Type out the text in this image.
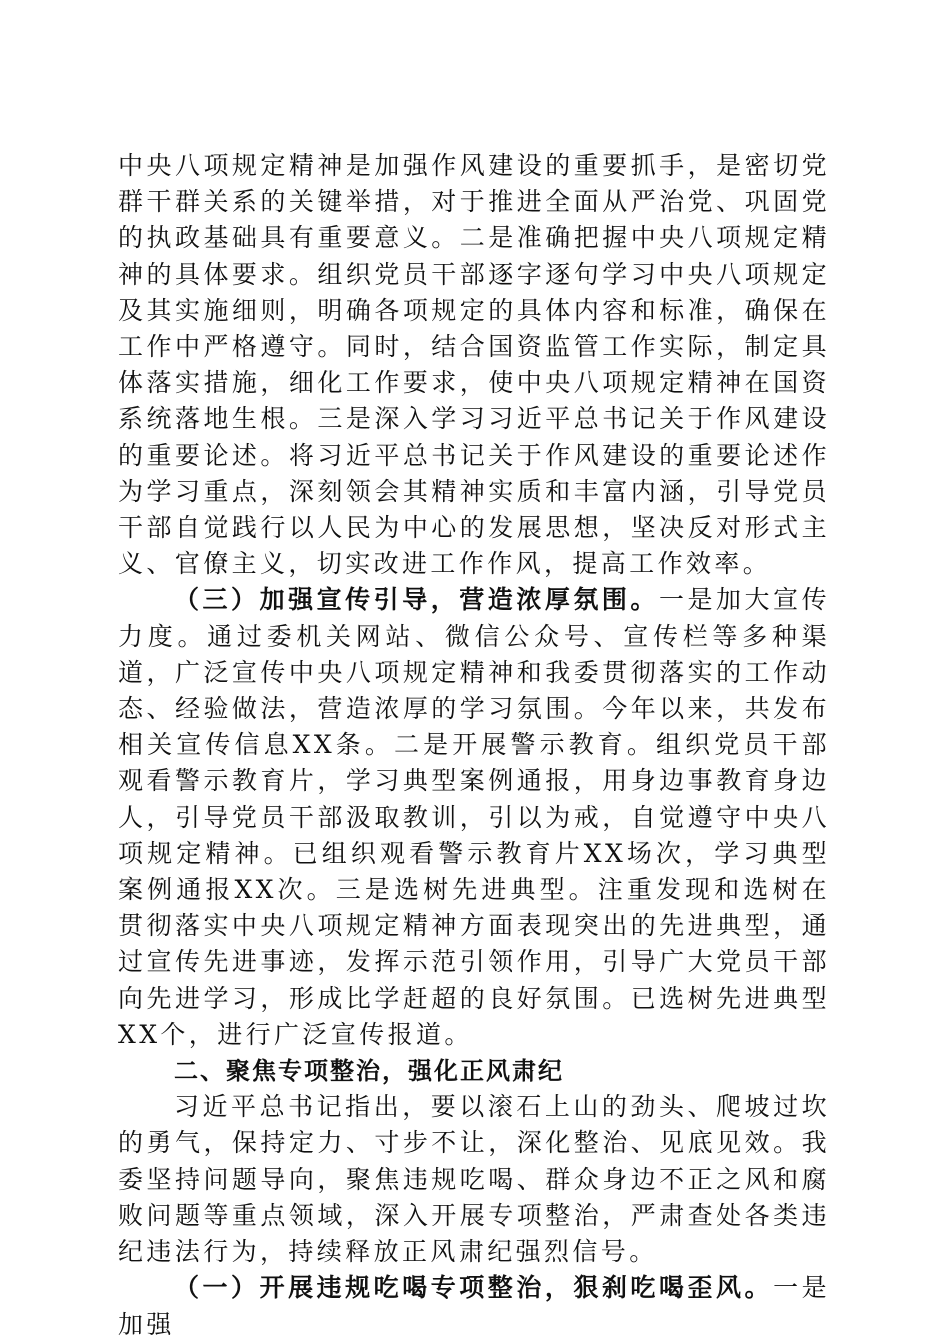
中央八项规定精神是加强作风建设的重要抓手，是密切党群干群关系的关键举措，对于推进全面从严治党、巩固党的执政基础具有重要意义。二是准确把握中央八项规定精神的具体要求。组织党员干部逐字逐句学习中央八项规定及其实施细则，明确各项规定的具体内容和标准，确保在工作中严格遵守。同时，结合国资监管工作实际，制定具体落实措施，细化工作要求，使中央八项规定精神在国资系统落地生根。三是深入学习习近平总书记关于作风建设的重要论述。将习近平总书记关于作风建设的重要论述作为学习重点，深刻领会其精神实质和丰富内涵，引导党员干部自觉践行以人民为中心的发展思想，坚决反对形式主义、官僚主义，切实改进工作作风，提高工作效率。

（三）加强宣传引导，营造浓厚氛围。一是加大宣传力度。通过委机关网站、微信公众号、宣传栏等多种渠道，广泛宣传中央八项规定精神和我委贯彻落实的工作动态、经验做法，营造浓厚的学习氛围。今年以来，共发布相关宣传信息XX条。二是开展警示教育。组织党员干部观看警示教育片，学习典型案例通报，用身边事教育身边人，引导党员干部汲取教训，引以为戒，自觉遵守中央八项规定精神。已组织观看警示教育片XX场次，学习典型案例通报XX次。三是选树先进典型。注重发现和选树在贯彻落实中央八项规定精神方面表现突出的先进典型，通过宣传先进事迹，发挥示范引领作用，引导广大党员干部向先进学习，形成比学赶超的良好氛围。已选树先进典型XX个，进行广泛宣传报道。

二、聚焦专项整治，强化正风肃纪

习近平总书记指出，要以滚石上山的劲头、爬坡过坎的勇气，保持定力、寸步不让，深化整治、见底见效。我委坚持问题导向，聚焦违规吃喝、群众身边不正之风和腐败问题等重点领域，深入开展专项整治，严肃查处各类违纪违法行为，持续释放正风肃纪强烈信号。

（一）开展违规吃喝专项整治，狠刹吃喝歪风。一是加强
